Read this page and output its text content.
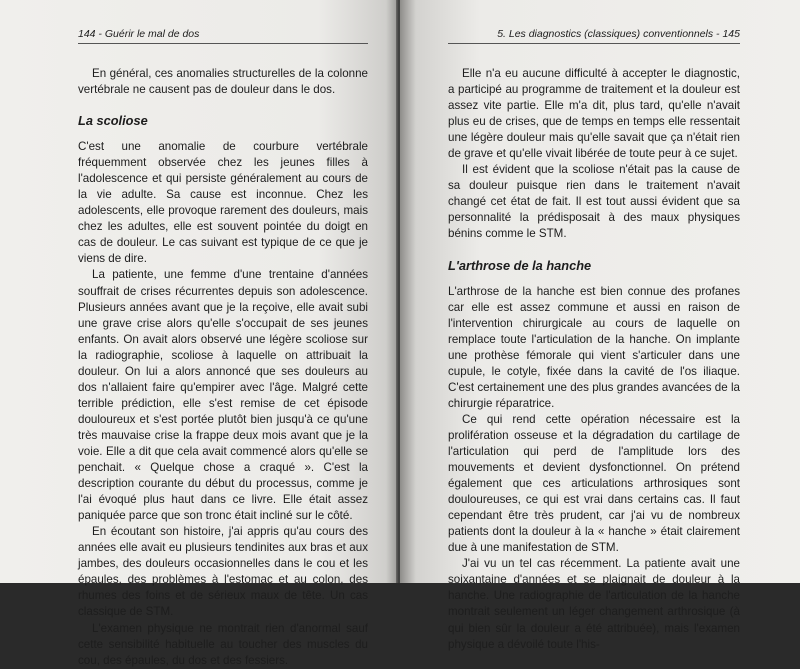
144 - Guérir le mal de dos

En général, ces anomalies structurelles de la colonne vertébrale ne causent pas de douleur dans le dos.

La scoliose

C'est une anomalie de courbure vertébrale fréquemment observée chez les jeunes filles à l'adolescence et qui persiste généralement au cours de la vie adulte. Sa cause est inconnue. Chez les adolescents, elle provoque rarement des douleurs, mais chez les adultes, elle est souvent pointée du doigt en cas de douleur. Le cas suivant est typique de ce que je viens de dire.

La patiente, une femme d'une trentaine d'années souffrait de crises récurrentes depuis son adolescence. Plusieurs années avant que je la reçoive, elle avait subi une grave crise alors qu'elle s'occupait de ses jeunes enfants. On avait alors observé une légère scoliose sur la radiographie, scoliose à laquelle on attribuait la douleur. On lui a alors annoncé que ses douleurs au dos n'allaient faire qu'empirer avec l'âge. Malgré cette terrible prédiction, elle s'est remise de cet épisode douloureux et s'est portée plutôt bien jusqu'à ce qu'une très mauvaise crise la frappe deux mois avant que je la voie. Elle a dit que cela avait commencé alors qu'elle se penchait. « Quelque chose a craqué ». C'est la description courante du début du processus, comme je l'ai évoqué plus haut dans ce livre. Elle était assez paniquée parce que son tronc était incliné sur le côté.

En écoutant son histoire, j'ai appris qu'au cours des années elle avait eu plusieurs tendinites aux bras et aux jambes, des douleurs occasionnelles dans le cou et les épaules, des problèmes à l'estomac et au colon, des rhumes des foins et de sérieux maux de tête. Un cas classique de STM.

L'examen physique ne montrait rien d'anormal sauf cette sensibilité habituelle au toucher des muscles du cou, des épaules, du dos et des fessiers.

5. Les diagnostics (classiques) conventionnels - 145

Elle n'a eu aucune difficulté à accepter le diagnostic, a participé au programme de traitement et la douleur est assez vite partie. Elle m'a dit, plus tard, qu'elle n'avait plus eu de crises, que de temps en temps elle ressentait une légère douleur mais qu'elle savait que ça n'était rien de grave et qu'elle vivait libérée de toute peur à ce sujet.

Il est évident que la scoliose n'était pas la cause de sa douleur puisque rien dans le traitement n'avait changé cet état de fait. Il est tout aussi évident que sa personnalité la prédisposait à des maux physiques bénins comme le STM.

L'arthrose de la hanche

L'arthrose de la hanche est bien connue des profanes car elle est assez commune et aussi en raison de l'intervention chirurgicale au cours de laquelle on remplace toute l'articulation de la hanche. On implante une prothèse fémorale qui vient s'articuler dans une cupule, le cotyle, fixée dans la cavité de l'os iliaque. C'est certainement une des plus grandes avancées de la chirurgie réparatrice.

Ce qui rend cette opération nécessaire est la prolifération osseuse et la dégradation du cartilage de l'articulation qui perd de l'amplitude lors des mouvements et devient dysfonctionnel. On prétend également que ces articulations arthrosiques sont douloureuses, ce qui est vrai dans certains cas. Il faut cependant être très prudent, car j'ai vu de nombreux patients dont la douleur à la « hanche » était clairement due à une manifestation de STM.

J'ai vu un tel cas récemment. La patiente avait une soixantaine d'années et se plaignait de douleur à la hanche. Une radiographie de l'articulation de la hanche montrait seulement un léger changement arthrosique (à qui bien sûr la douleur a été attribuée), mais l'examen physique a dévoilé toute l'his-
